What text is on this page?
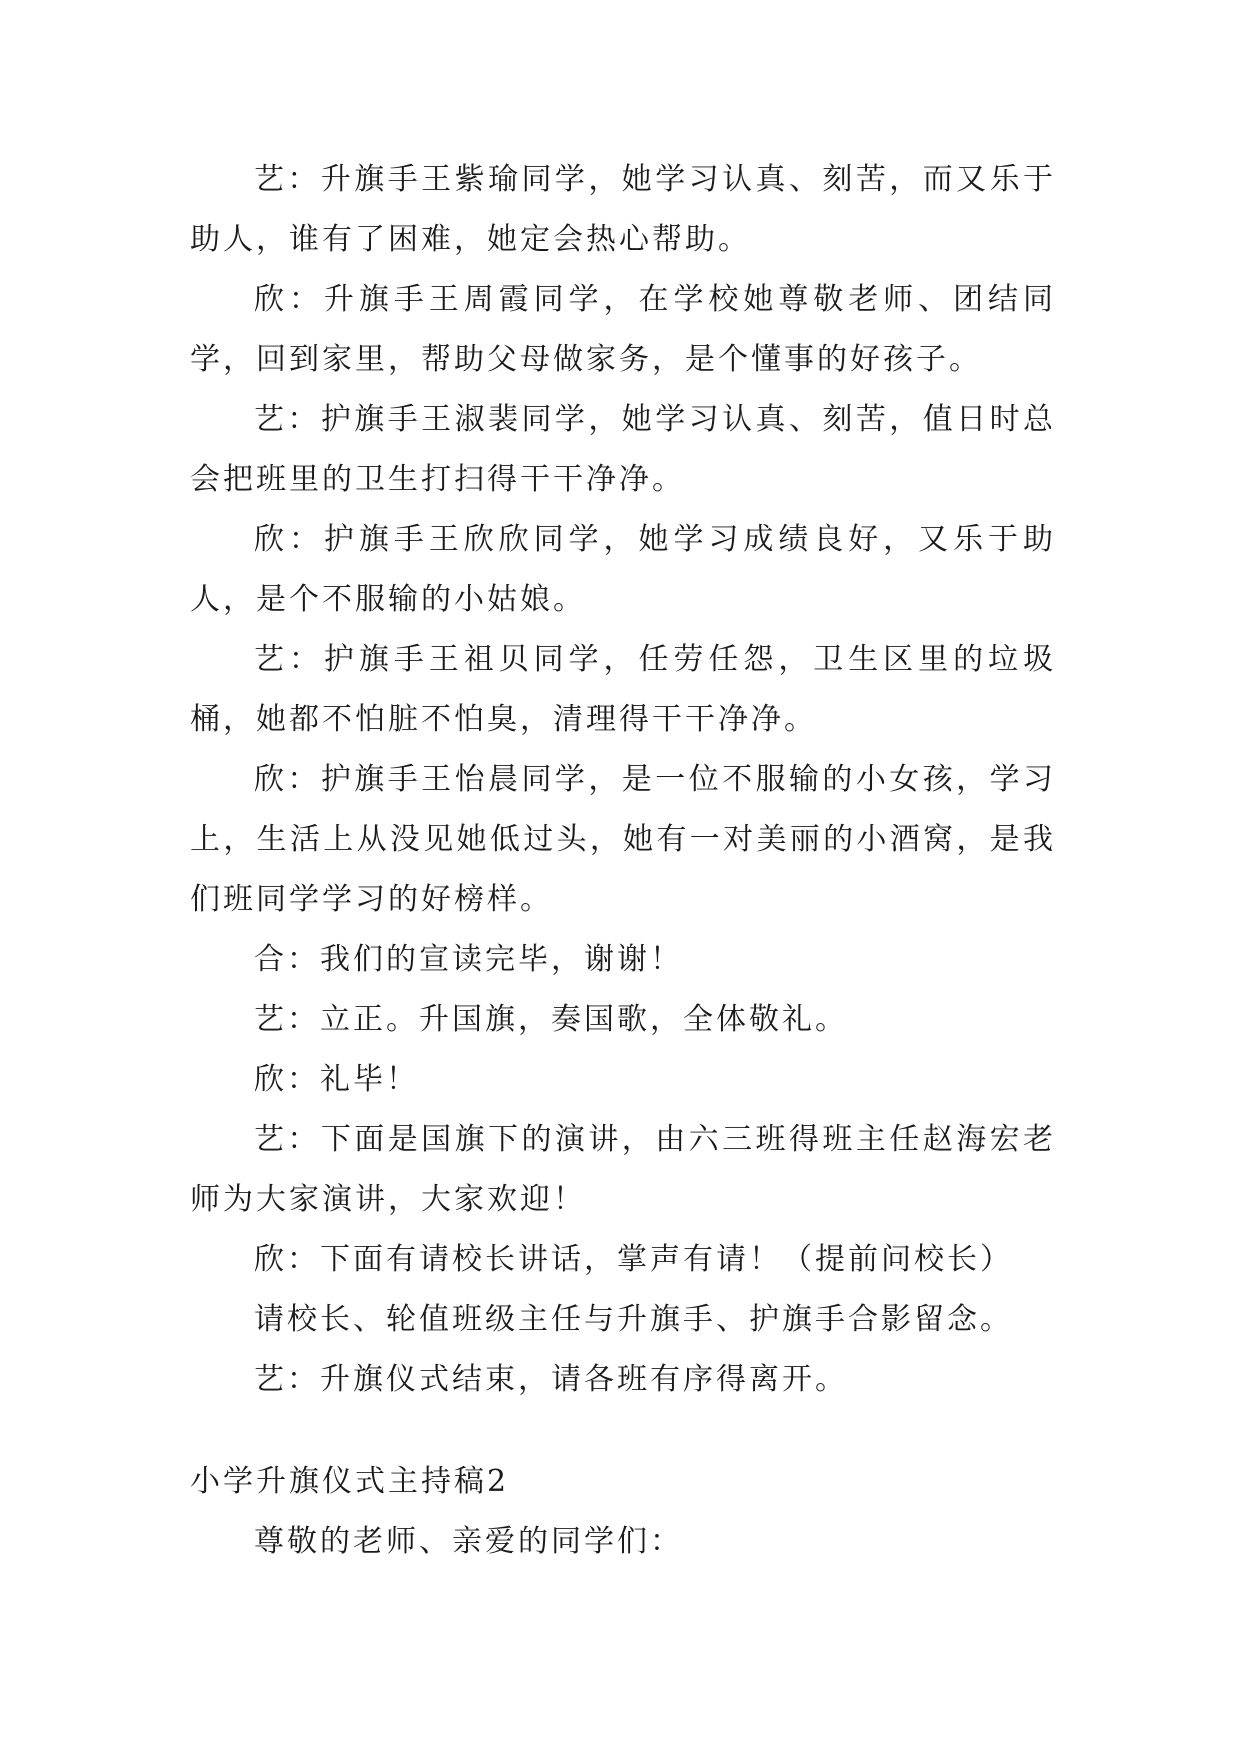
艺：升旗手王紫瑜同学，她学习认真、刻苦，而又乐于助人，谁有了困难，她定会热心帮助。

欣：升旗手王周霞同学，在学校她尊敬老师、团结同学，回到家里，帮助父母做家务，是个懂事的好孩子。

艺：护旗手王淑裴同学，她学习认真、刻苦，值日时总会把班里的卫生打扫得干干净净。

欣：护旗手王欣欣同学，她学习成绩良好，又乐于助人，是个不服输的小姑娘。

艺：护旗手王祖贝同学，任劳任怨，卫生区里的垃圾桶，她都不怕脏不怕臭，清理得干干净净。

欣：护旗手王怡晨同学，是一位不服输的小女孩，学习上，生活上从没见她低过头，她有一对美丽的小酒窝，是我们班同学学习的好榜样。

合：我们的宣读完毕，谢谢！

艺：立正。升国旗，奏国歌，全体敬礼。

欣：礼毕！

艺：下面是国旗下的演讲，由六三班得班主任赵海宏老师为大家演讲，大家欢迎！

欣：下面有请校长讲话，掌声有请！（提前问校长）

请校长、轮值班级主任与升旗手、护旗手合影留念。

艺：升旗仪式结束，请各班有序得离开。

小学升旗仪式主持稿2

尊敬的老师、亲爱的同学们：
